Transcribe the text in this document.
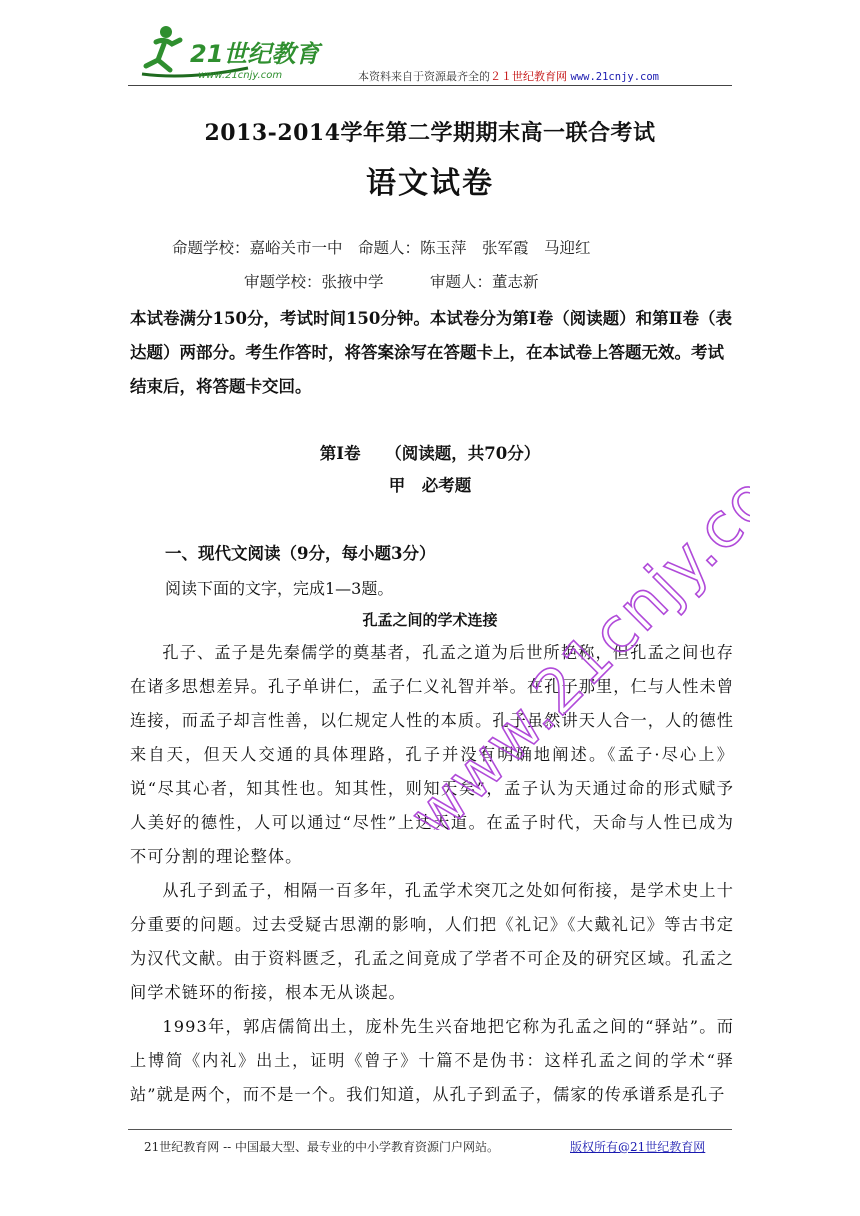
21世纪教育
www.21cnjy.com	本资料来自于资源最齐全的２１世纪教育网 www.21cnjy.com
2013-2014学年第二学期期末高一联合考试
语文试卷
命题学校：嘉峪关市一中　命题人：陈玉萍　张军霞　马迎红
审题学校：张掖中学　　　审题人：董志新
本试卷满分150分，考试时间150分钟。本试卷分为第Ⅰ卷（阅读题）和第Ⅱ卷（表达题）两部分。考生作答时，将答案涂写在答题卡上，在本试卷上答题无效。考试结束后，将答题卡交回。
第Ⅰ卷　　（阅读题，共70分）
甲　必考题
一、现代文阅读（9分，每小题3分）
阅读下面的文字，完成1—3题。
孔孟之间的学术连接

孔子、孟子是先秦儒学的奠基者，孔孟之道为后世所艳称，但孔孟之间也存在诸多思想差异。孔子单讲仁，孟子仁义礼智并举。在孔子那里，仁与人性未曾连接，而孟子却言性善，以仁规定人性的本质。孔子虽然讲天人合一，人的德性来自天，但天人交通的具体理路，孔子并没有明确地阐述。《孟子·尽心上》说“尽其心者，知其性也。知其性，则知天矣”，孟子认为天通过命的形式赋予人美好的德性，人可以通过“尽性”上达天道。在孟子时代，天命与人性已成为不可分割的理论整体。

从孔子到孟子，相隔一百多年，孔孟学术突兀之处如何衔接，是学术史上十分重要的问题。过去受疑古思潮的影响，人们把《礼记》《大戴礼记》等古书定为汉代文献。由于资料匮乏，孔孟之间竟成了学者不可企及的研究区域。孔孟之间学术链环的衔接，根本无从谈起。

1993年，郭店儒简出土，庞朴先生兴奋地把它称为孔孟之间的“驿站”。而上博简《内礼》出土，证明《曾子》十篇不是伪书：这样孔孟之间的学术“驿站”就是两个，而不是一个。我们知道，从孔子到孟子，儒家的传承谱系是孔子

www.21cnjy.com
21世纪教育网 -- 中国最大型、最专业的中小学教育资源门户网站。	版权所有@21世纪教育网
